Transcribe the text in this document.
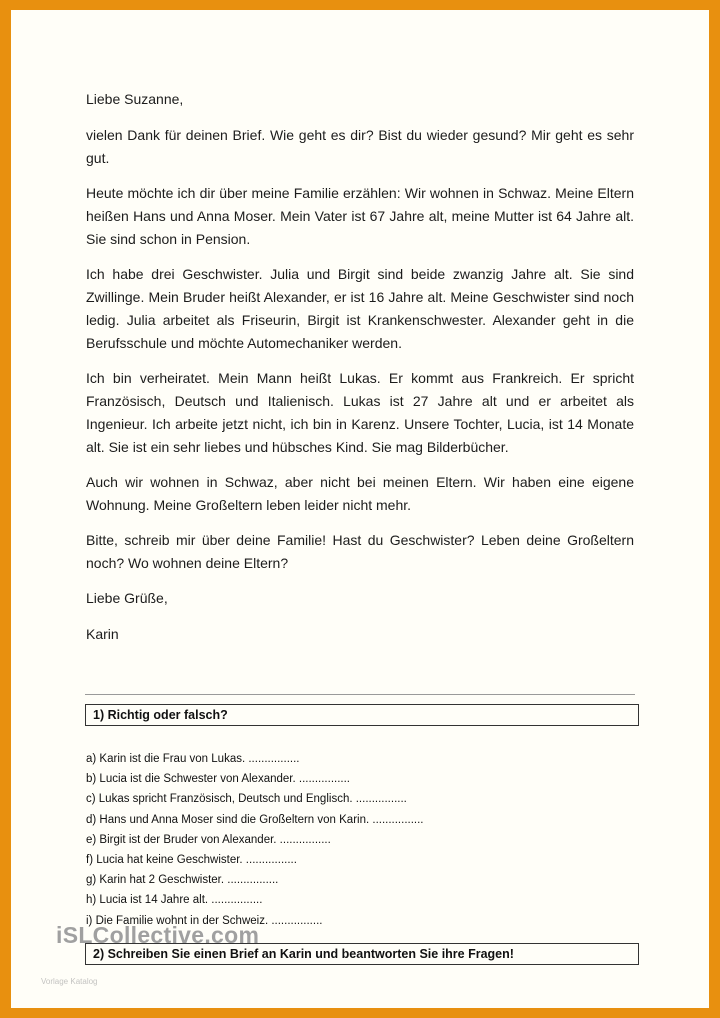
Liebe Suzanne,

vielen Dank für deinen Brief. Wie geht es dir? Bist du wieder gesund? Mir geht es sehr gut.

Heute möchte ich dir über meine Familie erzählen: Wir wohnen in Schwaz. Meine Eltern heißen Hans und Anna Moser. Mein Vater ist 67 Jahre alt, meine Mutter ist 64 Jahre alt. Sie sind schon in Pension.

Ich habe drei Geschwister. Julia und Birgit sind beide zwanzig Jahre alt. Sie sind Zwillinge. Mein Bruder heißt Alexander, er ist 16 Jahre alt. Meine Geschwister sind noch ledig. Julia arbeitet als Friseurin, Birgit ist Krankenschwester. Alexander geht in die Berufsschule und möchte Automechaniker werden.

Ich bin verheiratet. Mein Mann heißt Lukas. Er kommt aus Frankreich. Er spricht Französisch, Deutsch und Italienisch. Lukas ist 27 Jahre alt und er arbeitet als Ingenieur. Ich arbeite jetzt nicht, ich bin in Karenz. Unsere Tochter, Lucia, ist 14 Monate alt. Sie ist ein sehr liebes und hübsches Kind. Sie mag Bilderbücher.

Auch wir wohnen in Schwaz, aber nicht bei meinen Eltern. Wir haben eine eigene Wohnung. Meine Großeltern leben leider nicht mehr.

Bitte, schreib mir über deine Familie! Hast du Geschwister? Leben deine Großeltern noch? Wo wohnen deine Eltern?

Liebe Grüße,

Karin

1) Richtig oder falsch?
a) Karin ist die Frau von Lukas. ................
b) Lucia ist die Schwester von Alexander. ................
c) Lukas spricht Französisch, Deutsch und Englisch. ................
d) Hans und Anna Moser sind die Großeltern von Karin. ................
e) Birgit ist der Bruder von Alexander. ................
f) Lucia hat keine Geschwister. ................
g) Karin hat 2 Geschwister. ................
h) Lucia ist 14 Jahre alt. ................
i) Die Familie wohnt in der Schweiz. ................
iSLCollective.com
2) Schreiben Sie einen Brief an Karin und beantworten Sie ihre Fragen!
Vorlage Katalog
